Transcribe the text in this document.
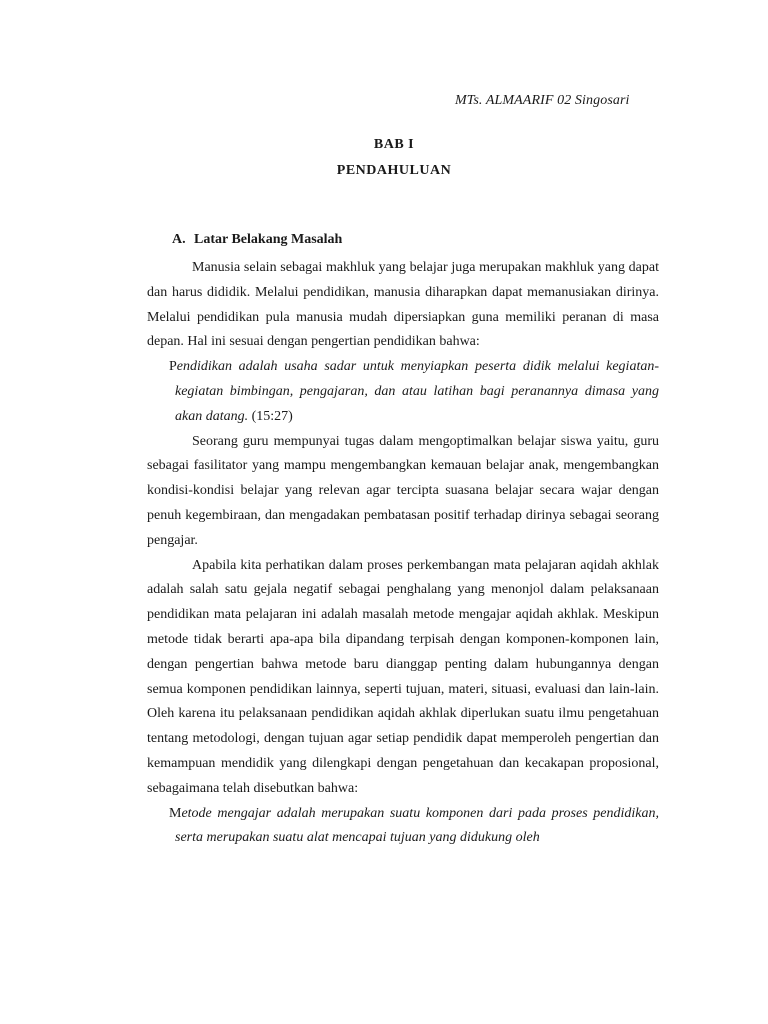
MTs. ALMAARIF 02 Singosari
BAB I
PENDAHULUAN
A. Latar Belakang Masalah

Manusia selain sebagai makhluk yang belajar juga merupakan makhluk yang dapat dan harus dididik. Melalui pendidikan, manusia diharapkan dapat memanusiakan dirinya. Melalui pendidikan pula manusia mudah dipersiapkan guna memiliki peranan di masa depan. Hal ini sesuai dengan pengertian pendidikan bahwa:

Pendidikan adalah usaha sadar untuk menyiapkan peserta didik melalui kegiatan-kegiatan bimbingan, pengajaran, dan atau latihan bagi peranannya dimasa yang akan datang. (15:27)

Seorang guru mempunyai tugas dalam mengoptimalkan belajar siswa yaitu, guru sebagai fasilitator yang mampu mengembangkan kemauan belajar anak, mengembangkan kondisi-kondisi belajar yang relevan agar tercipta suasana belajar secara wajar dengan penuh kegembiraan, dan mengadakan pembatasan positif terhadap dirinya sebagai seorang pengajar.

Apabila kita perhatikan dalam proses perkembangan mata pelajaran aqidah akhlak adalah salah satu gejala negatif sebagai penghalang yang menonjol dalam pelaksanaan pendidikan mata pelajaran ini adalah masalah metode mengajar aqidah akhlak. Meskipun metode tidak berarti apa-apa bila dipandang terpisah dengan komponen-komponen lain, dengan pengertian bahwa metode baru dianggap penting dalam hubungannya dengan semua komponen pendidikan lainnya, seperti tujuan, materi, situasi, evaluasi dan lain-lain. Oleh karena itu pelaksanaan pendidikan aqidah akhlak diperlukan suatu ilmu pengetahuan tentang metodologi, dengan tujuan agar setiap pendidik dapat memperoleh pengertian dan kemampuan mendidik yang dilengkapi dengan pengetahuan dan kecakapan proposional, sebagaimana telah disebutkan bahwa:

Metode mengajar adalah merupakan suatu komponen dari pada proses pendidikan, serta merupakan suatu alat mencapai tujuan yang didukung oleh
